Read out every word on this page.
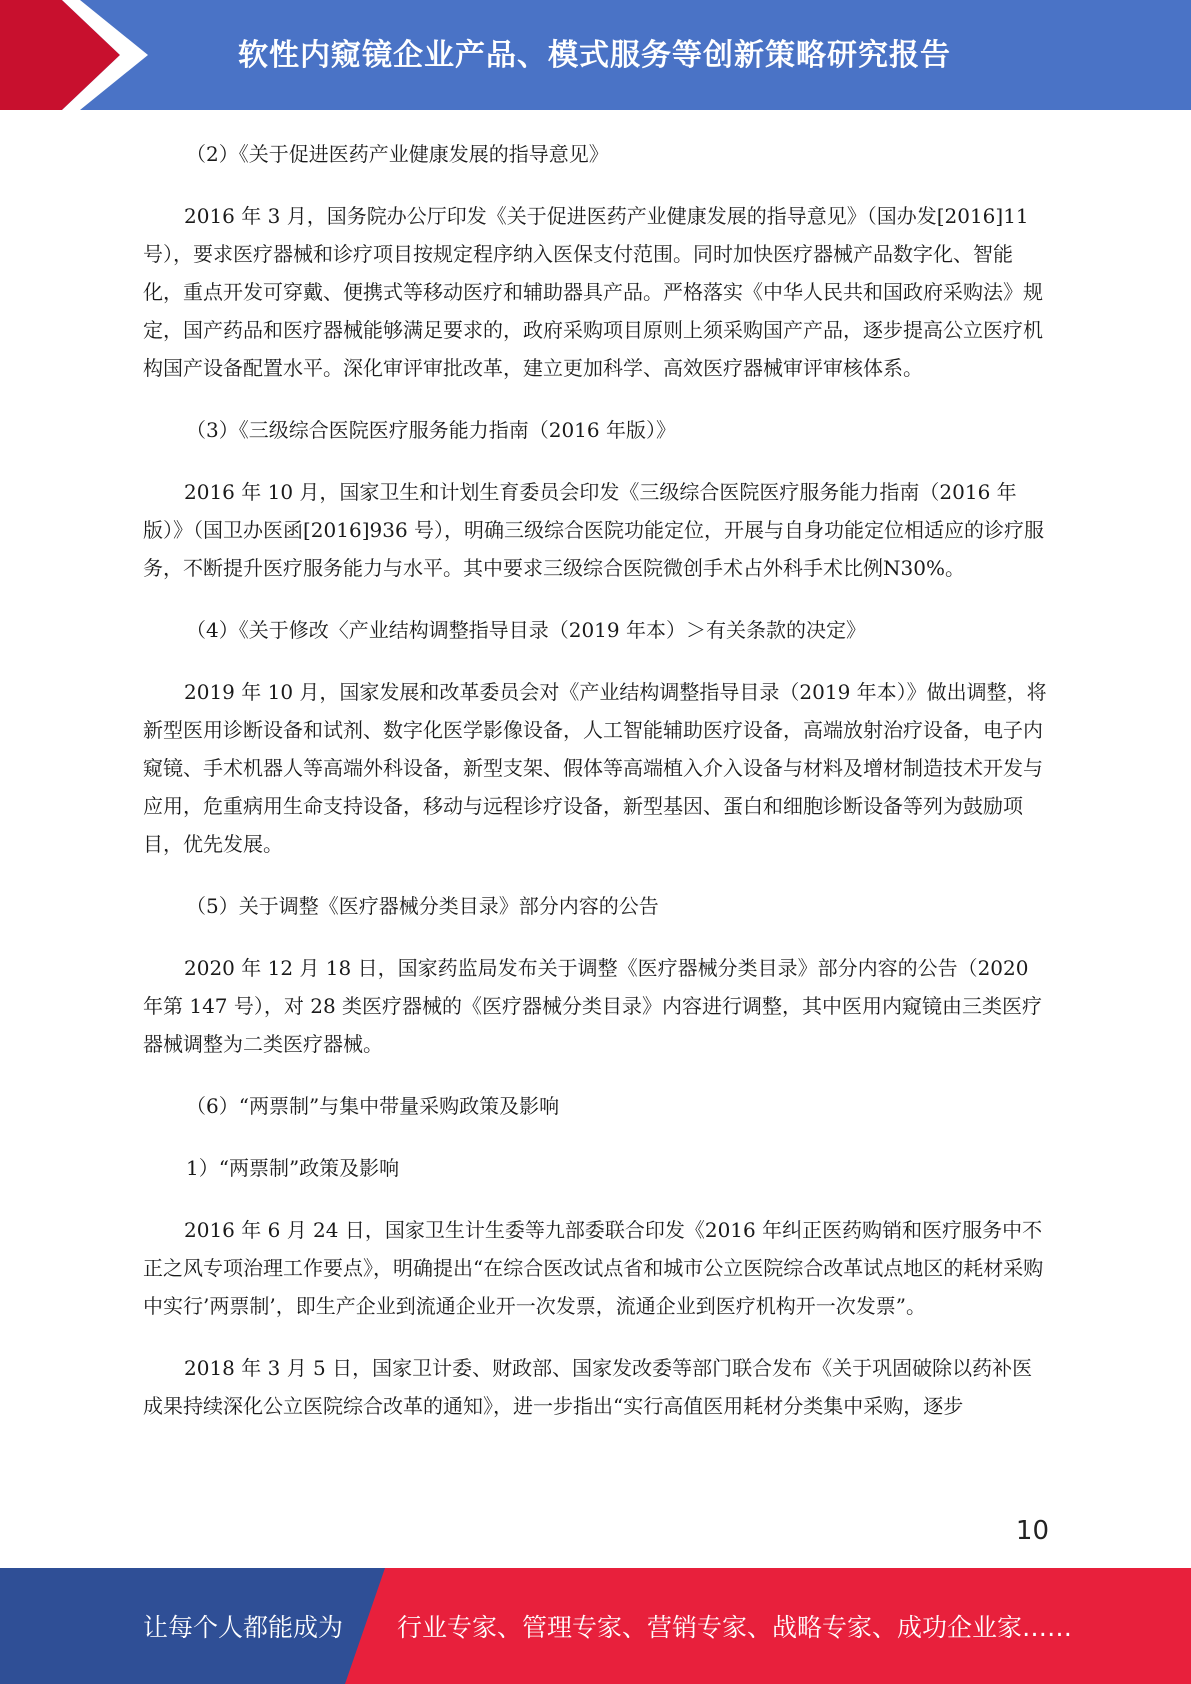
软性内窥镜企业产品、模式服务等创新策略研究报告

（2）《关于促进医药产业健康发展的指导意见》

2016 年 3 月，国务院办公厅印发《关于促进医药产业健康发展的指导意见》（国办发[2016]11 号），要求医疗器械和诊疗项目按规定程序纳入医保支付范围。同时加快医疗器械产品数字化、智能化，重点开发可穿戴、便携式等移动医疗和辅助器具产品。严格落实《中华人民共和国政府采购法》规定，国产药品和医疗器械能够满足要求的，政府采购项目原则上须采购国产产品，逐步提高公立医疗机构国产设备配置水平。深化审评审批改革，建立更加科学、高效医疗器械审评审核体系。

（3）《三级综合医院医疗服务能力指南（2016 年版）》

2016 年 10 月，国家卫生和计划生育委员会印发《三级综合医院医疗服务能力指南（2016 年版）》（国卫办医函[2016]936 号），明确三级综合医院功能定位，开展与自身功能定位相适应的诊疗服务，不断提升医疗服务能力与水平。其中要求三级综合医院微创手术占外科手术比例N30%。

（4）《关于修改〈产业结构调整指导目录（2019 年本）＞有关条款的决定》

2019 年 10 月，国家发展和改革委员会对《产业结构调整指导目录（2019 年本）》做出调整，将新型医用诊断设备和试剂、数字化医学影像设备，人工智能辅助医疗设备，高端放射治疗设备，电子内窥镜、手术机器人等高端外科设备，新型支架、假体等高端植入介入设备与材料及增材制造技术开发与应用，危重病用生命支持设备，移动与远程诊疗设备，新型基因、蛋白和细胞诊断设备等列为鼓励项目，优先发展。

（5）关于调整《医疗器械分类目录》部分内容的公告

2020 年 12 月 18 日，国家药监局发布关于调整《医疗器械分类目录》部分内容的公告（2020 年第 147 号），对 28 类医疗器械的《医疗器械分类目录》内容进行调整，其中医用内窥镜由三类医疗器械调整为二类医疗器械。

（6）“两票制”与集中带量采购政策及影响

1）“两票制”政策及影响

2016 年 6 月 24 日，国家卫生计生委等九部委联合印发《2016 年纠正医药购销和医疗服务中不正之风专项治理工作要点》，明确提出“在综合医改试点省和城市公立医院综合改革试点地区的耗材采购中实行’两票制’，即生产企业到流通企业开一次发票，流通企业到医疗机构开一次发票”。

2018 年 3 月 5 日，国家卫计委、财政部、国家发改委等部门联合发布《关于巩固破除以药补医成果持续深化公立医院综合改革的通知》，进一步指出“实行高值医用耗材分类集中采购，逐步

10
让每个人都能成为 行业专家、管理专家、营销专家、战略专家、成功企业家……
